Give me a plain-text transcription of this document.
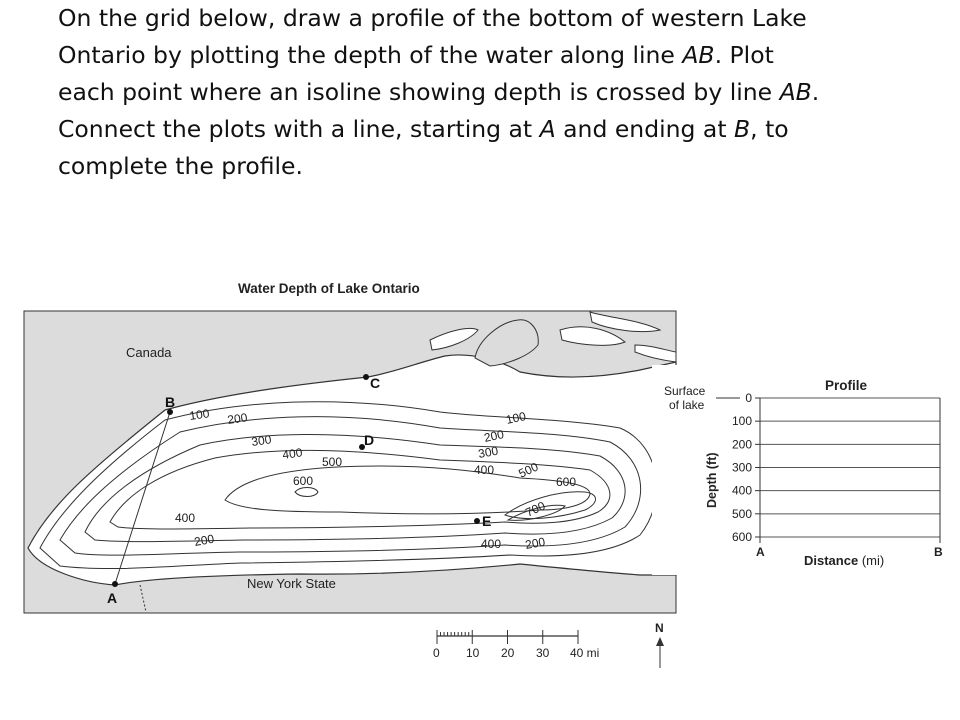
On the grid below, draw a profile of the bottom of western Lake

Ontario by plotting the depth of the water along line AB. Plot

each point where an isoline showing depth is crossed by line AB.

Connect the plots with a line, starting at A and ending at B, to

complete the profile.

Water Depth of Lake Ontario
A
B
C
D
E
Canada
New York State
100 200
300
400
500
600
400
200
100
200
300
400 500
600
700
400 200
Profile
Surface
of lake
Depth (ft)
0
100
200
300
400
500
600
A	B
Distance (mi)
0 10 20 30 40 mi
N
